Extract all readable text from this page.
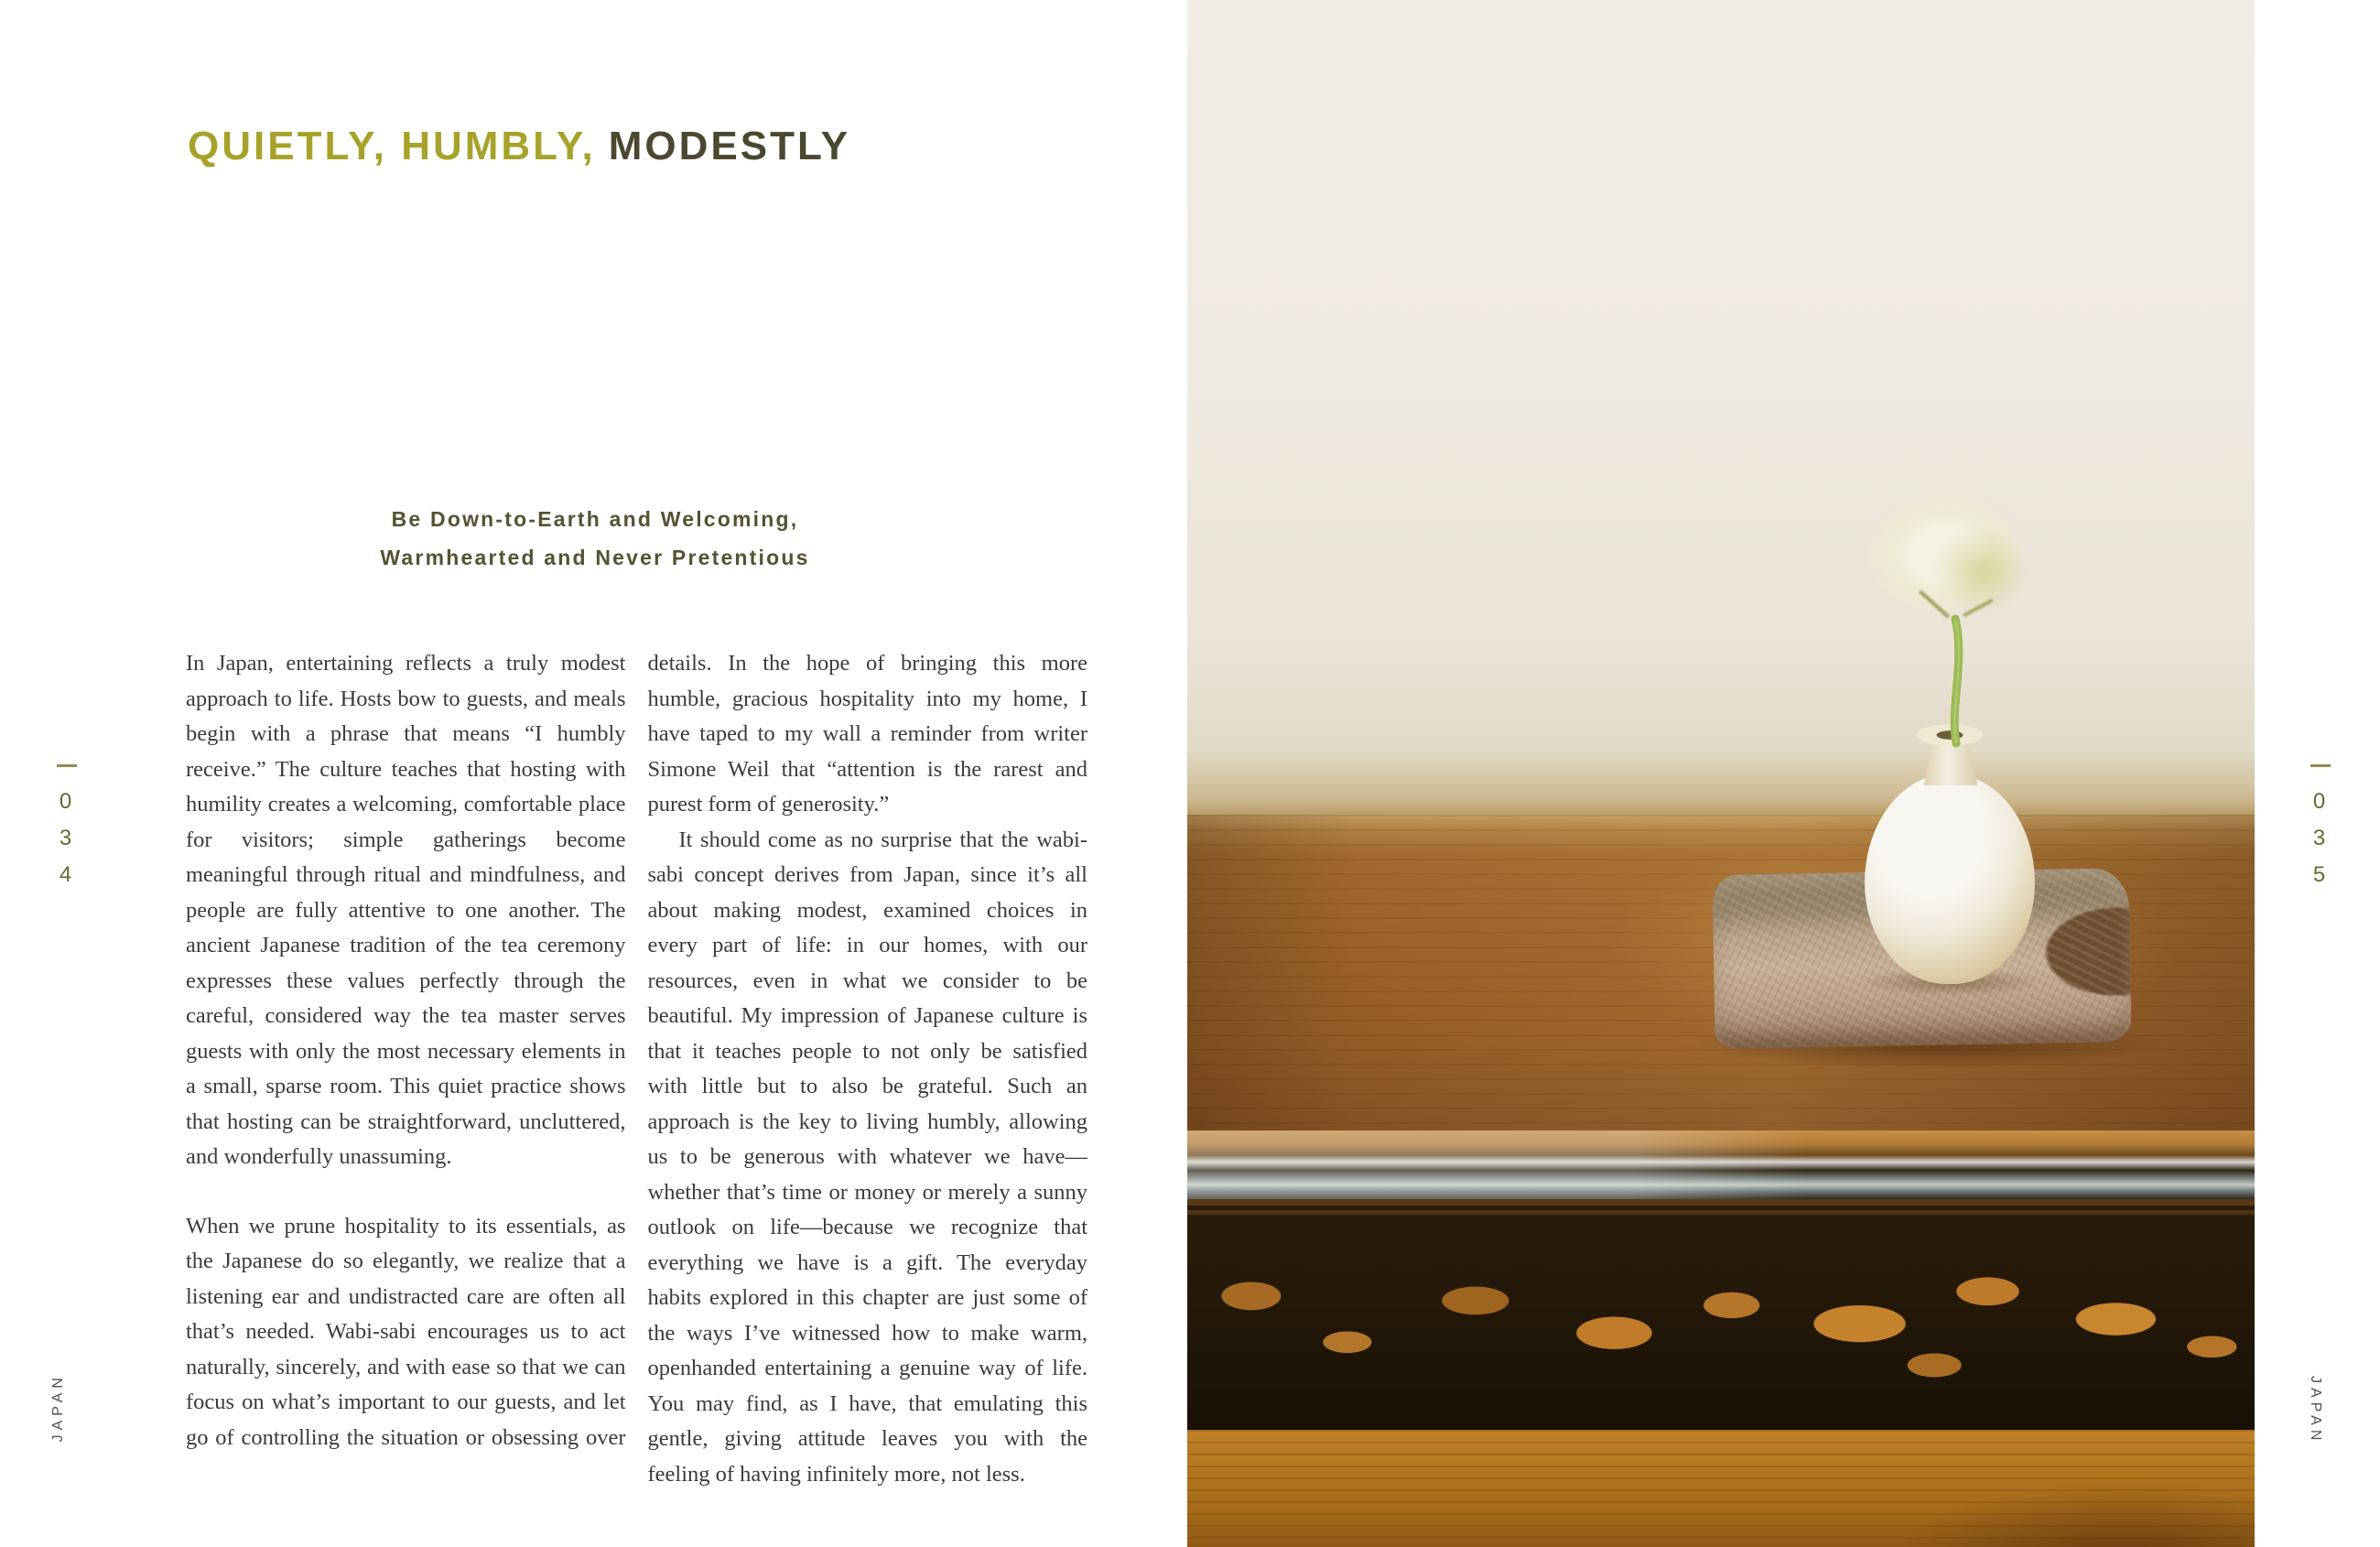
QUIETLY, HUMBLY, MODESTLY
Be Down-to-Earth and Welcoming,
Warmhearted and Never Pretentious

In Japan, entertaining reflects a truly modest approach to life. Hosts bow to guests, and meals begin with a phrase that means “I humbly receive.” The culture teaches that hosting with humility creates a welcoming, comfortable place for visitors; simple gatherings become meaningful through ritual and mindfulness, and people are fully attentive to one another. The ancient Japanese tradition of the tea ceremony expresses these values perfectly through the careful, considered way the tea master serves guests with only the most necessary elements in a small, sparse room. This quiet practice shows that hosting can be straightforward, uncluttered, and wonderfully unassuming.

When we prune hospitality to its essentials, as the Japanese do so elegantly, we realize that a listening ear and undistracted care are often all that’s needed. Wabi-sabi encourages us to act naturally, sincerely, and with ease so that we can focus on what’s important to our guests, and let go of controlling the situation or obsessing over

details. In the hope of bringing this more humble, gracious hospitality into my home, I have taped to my wall a reminder from writer Simone Weil that “attention is the rarest and purest form of generosity.”

It should come as no surprise that the wabi-sabi concept derives from Japan, since it’s all about making modest, examined choices in every part of life: in our homes, with our resources, even in what we consider to be beautiful. My impression of Japanese culture is that it teaches people to not only be satisfied with little but to also be grateful. Such an approach is the key to living humbly, allowing us to be generous with whatever we have—whether that’s time or money or merely a sunny outlook on life—because we recognize that everything we have is a gift. The everyday habits explored in this chapter are just some of the ways I’ve witnessed how to make warm, openhanded entertaining a genuine way of life. You may find, as I have, that emulating this gentle, giving attitude leaves you with the feeling of having infinitely more, not less.

034
JAPAN
035
JAPAN
